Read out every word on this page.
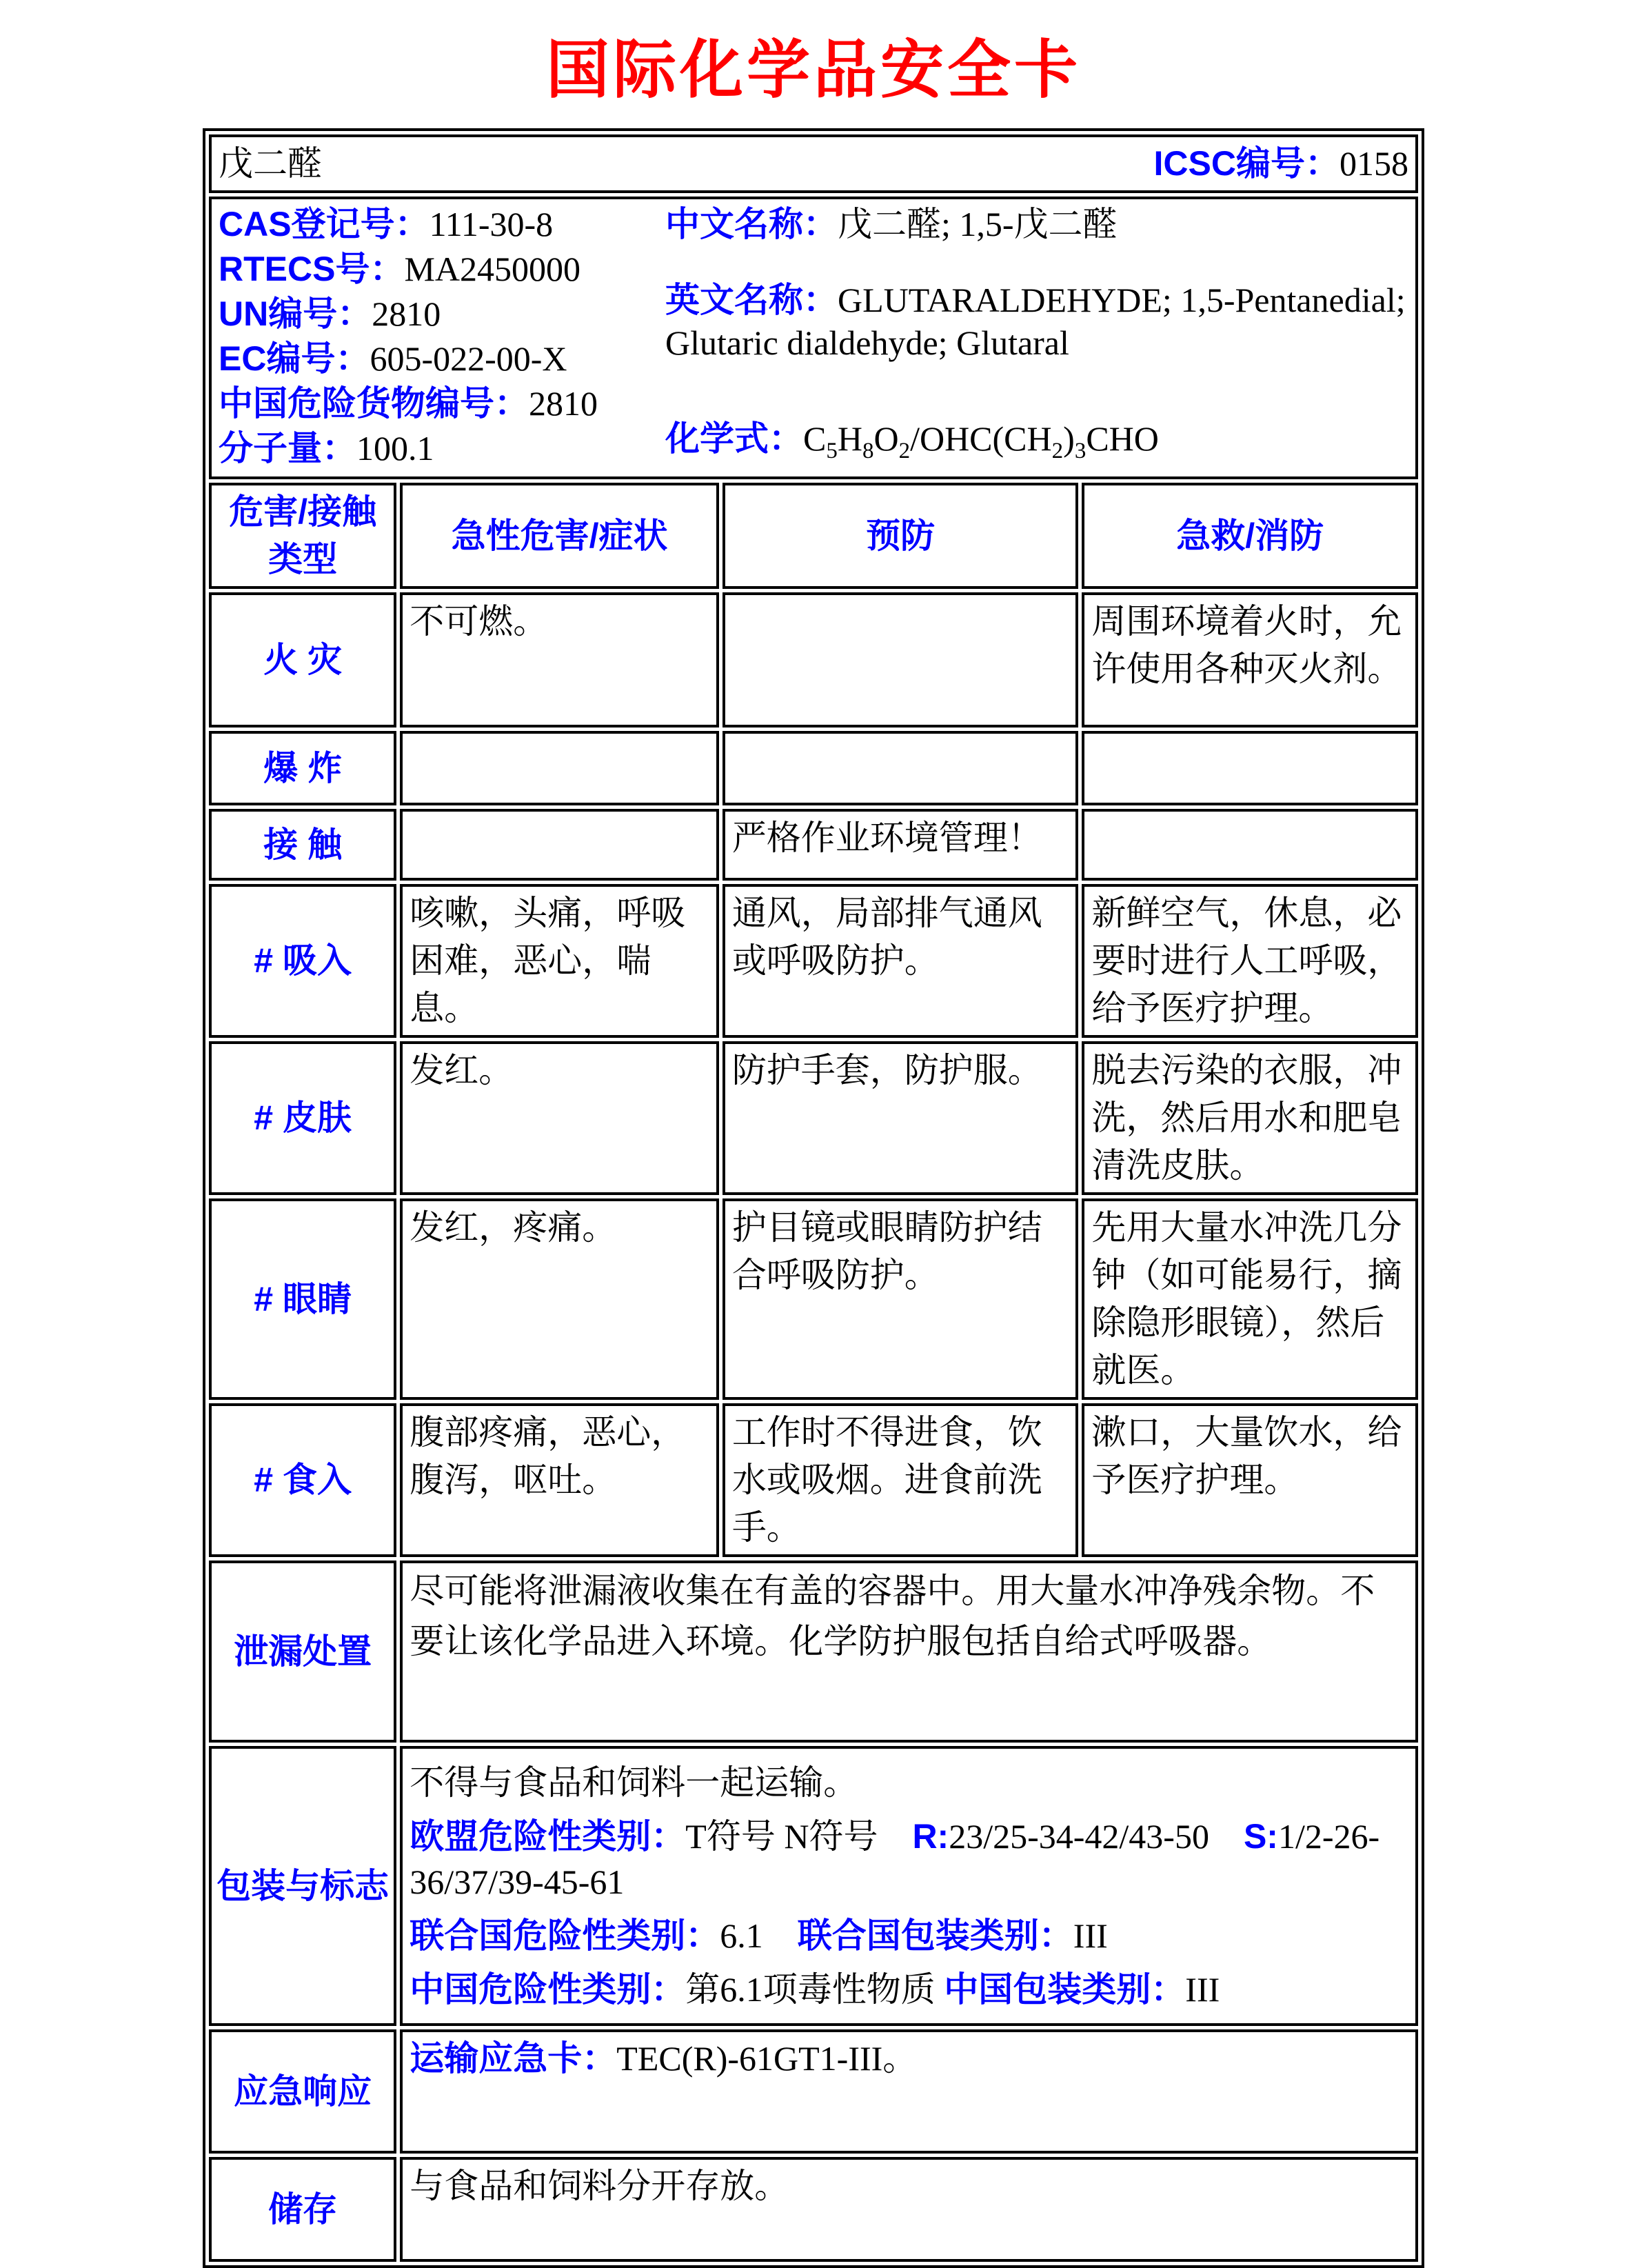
国际化学品安全卡
戊二醛 ICSC编号：0158			

CAS登记号：111-30-8
RTECS号：MA2450000
UN编号：2810
EC编号：605-022-00-X
中国危险货物编号：2810
分子量：100.1
中文名称：戊二醛; 1,5-戊二醛
英文名称：GLUTARALDEHYDE; 1,5-Pentanedial; Glutaric dialdehyde; Glutaral
化学式：$C_5H_8O_2/OHC(CH_2)_3CHO$

危害/接触类型	急性危害/症状	预防	急救/消防
火 灾	不可燃。		周围环境着火时，允许使用各种灭火剂。
爆 炸			
接 触		严格作业环境管理！	
# 吸入	咳嗽，头痛，呼吸困难，恶心，喘息。	通风，局部排气通风或呼吸防护。	新鲜空气，休息，必要时进行人工呼吸，给予医疗护理。
# 皮肤	发红。	防护手套，防护服。	脱去污染的衣服，冲洗，然后用水和肥皂清洗皮肤。
# 眼睛	发红，疼痛。	护目镜或眼睛防护结合呼吸防护。	先用大量水冲洗几分钟（如可能易行，摘除隐形眼镜），然后就医。
# 食入	腹部疼痛，恶心，腹泻，呕吐。	工作时不得进食，饮水或吸烟。进食前洗手。	漱口，大量饮水，给予医疗护理。
泄漏处置	尽可能将泄漏液收集在有盖的容器中。用大量水冲净残余物。不要让该化学品进入环境。化学防护服包括自给式呼吸器。		

包装与标志	不得与食品和饲料一起运输。
欧盟危险性类别：T符号 N符号    R:23/25-34-42/43-50    S:1/2-26-36/37/39-45-61
联合国危险性类别：6.1    联合国包装类别：III
中国危险性类别：第6.1项毒性物质 中国包装类别：III		

应急响应	运输应急卡：TEC(R)-61GT1-III。		

储存	与食品和饲料分开存放。		
